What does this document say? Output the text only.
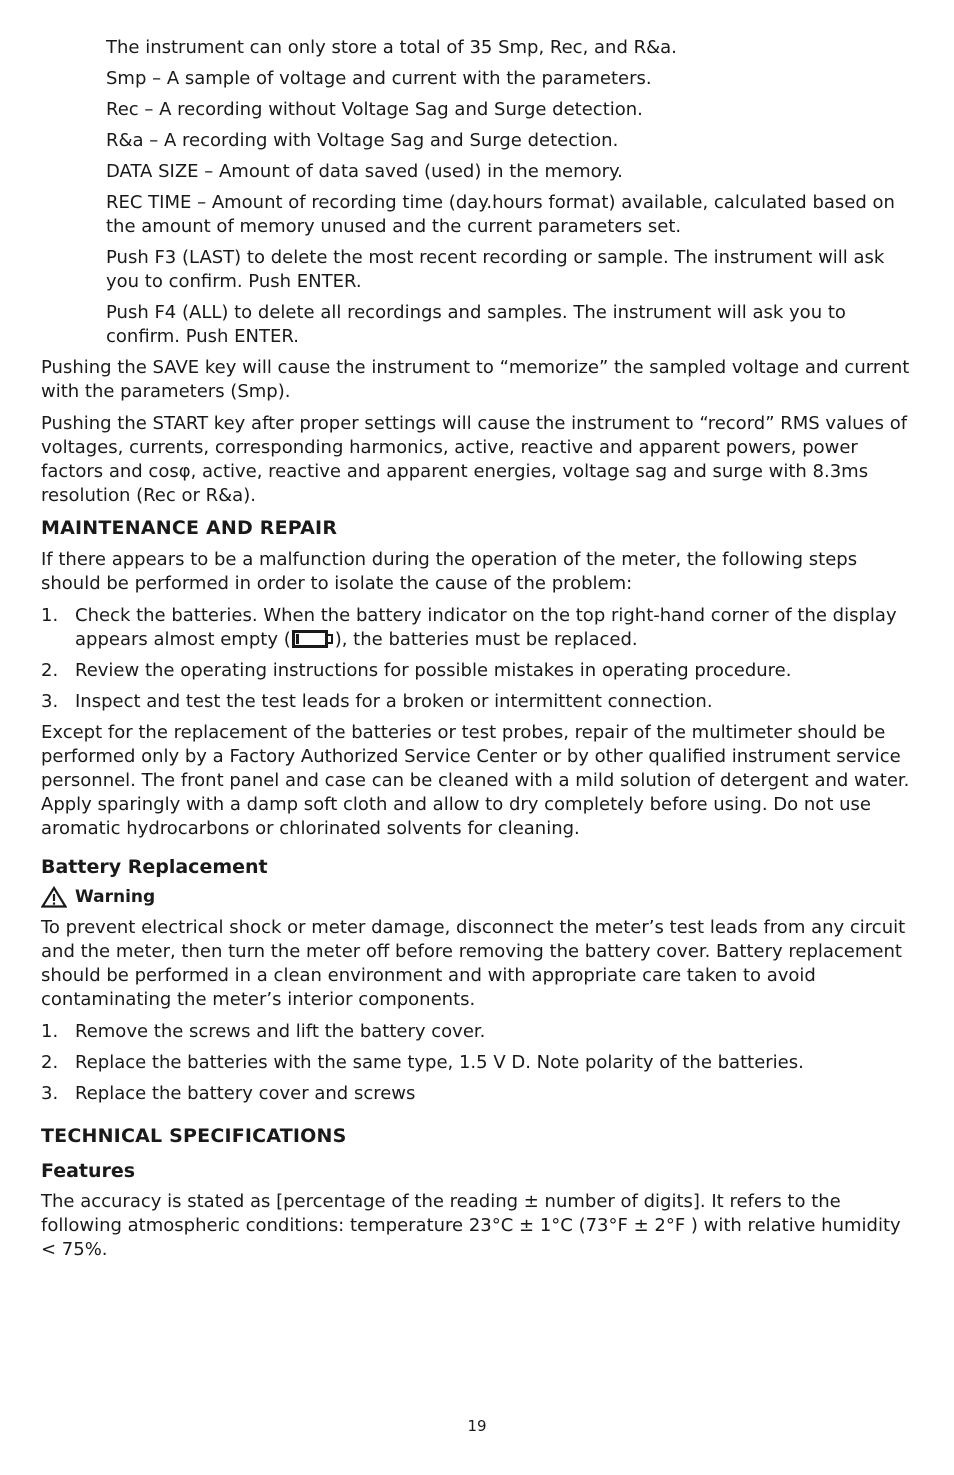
The instrument can only store a total of 35 Smp, Rec, and R&a.

Smp – A sample of voltage and current with the parameters.

Rec – A recording without Voltage Sag and Surge detection.

R&a – A recording with Voltage Sag and Surge detection.

DATA SIZE – Amount of data saved (used) in the memory.

REC TIME – Amount of recording time (day.hours format) available, calculated based on the amount of memory unused and the current parameters set.

Push F3 (LAST) to delete the most recent recording or sample. The instrument will ask you to confirm. Push ENTER.

Push F4 (ALL) to delete all recordings and samples. The instrument will ask you to confirm. Push ENTER.

Pushing the SAVE key will cause the instrument to “memorize” the sampled voltage and current with the parameters (Smp).

Pushing the START key after proper settings will cause the instrument to “record” RMS values of voltages, currents, corresponding harmonics, active, reactive and apparent powers, power factors and cosφ, active, reactive and apparent energies, voltage sag and surge with 8.3ms resolution (Rec or R&a).

MAINTENANCE AND REPAIR

If there appears to be a malfunction during the operation of the meter, the following steps should be performed in order to isolate the cause of the problem:

1. Check the batteries. When the battery indicator on the top right-hand corner of the display appears almost empty ( ), the batteries must be replaced.
2. Review the operating instructions for possible mistakes in operating procedure.
3. Inspect and test the test leads for a broken or intermittent connection.

Except for the replacement of the batteries or test probes, repair of the multimeter should be performed only by a Factory Authorized Service Center or by other qualified instrument service personnel. The front panel and case can be cleaned with a mild solution of detergent and water. Apply sparingly with a damp soft cloth and allow to dry completely before using. Do not use aromatic hydrocarbons or chlorinated solvents for cleaning.

Battery Replacement
Warning

To prevent electrical shock or meter damage, disconnect the meter’s test leads from any circuit and the meter, then turn the meter off before removing the battery cover. Battery replacement should be performed in a clean environment and with appropriate care taken to avoid contaminating the meter’s interior components.

1. Remove the screws and lift the battery cover.
2. Replace the batteries with the same type, 1.5 V D. Note polarity of the batteries.
3. Replace the battery cover and screws
TECHNICAL SPECIFICATIONS
Features

The accuracy is stated as [percentage of the reading ± number of digits]. It refers to the following atmospheric conditions: temperature 23°C ± 1°C (73°F ± 2°F ) with relative humidity < 75%.

19
